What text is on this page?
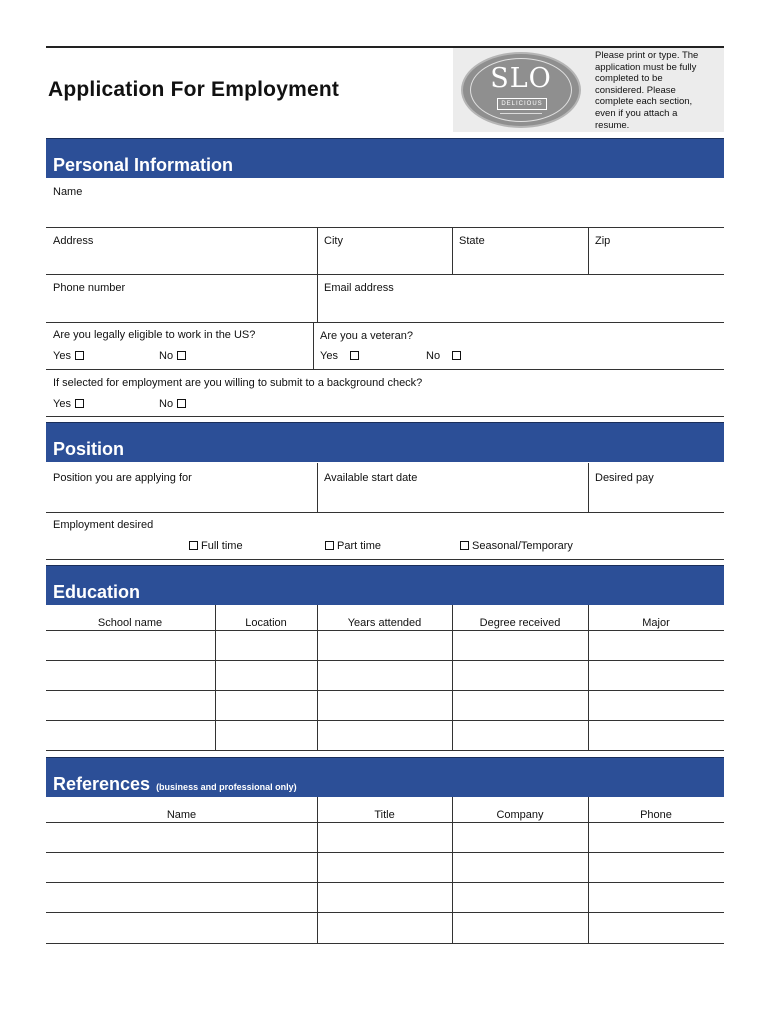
Application For Employment	SLO
DELICIOUS
Please print or type. The
application must be fully
completed to be
considered. Please
complete each section,
even if you attach a
resume.
Personal Information
Name
Address	City	State	Zip
Phone number	Email address
Are you legally eligible to work in the US?
Yes	No
Are you a veteran?
Yes	No
If selected for employment are you willing to submit to a background check?
Yes	No
Position
Position you are applying for	Available start date	Desired pay
Employment desired
Full time	Part time	Seasonal/Temporary
Education
School name	Location	Years attended	Degree received	Major
References (business and professional only)
Name	Title	Company	Phone
